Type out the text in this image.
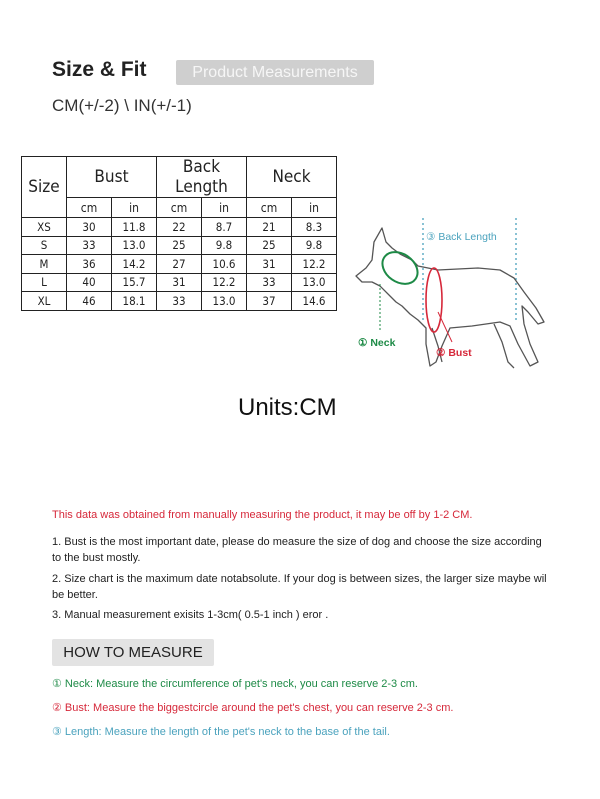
Size & Fit	Product Measurements
CM(+/-2) \ IN(+/-1)
Size	Bust		Back Length		Neck	
	cm	in	cm	in	cm	in
XS	30	11.8	22	8.7	21	8.3
S	33	13.0	25	9.8	25	9.8
M	36	14.2	27	10.6	31	12.2
L	40	15.7	31	12.2	33	13.0
XL	46	18.1	33	13.0	37	14.6
③ Back Length
① Neck
② Bust
Units:CM
This data was obtained from manually measuring the product, it may be off by 1-2 CM.
1. Bust is the most important date, please do measure the size of dog and choose the size according to the bust mostly.
2. Size chart is the maximum date notabsolute. If your dog is between sizes, the larger size maybe wil be better.
3. Manual measurement exisits 1-3cm( 0.5-1 inch ) eror .
HOW TO MEASURE
① Neck: Measure the circumference of pet's neck, you can reserve 2-3 cm.
② Bust: Measure the biggestcircle around the pet's chest, you can reserve 2-3 cm.
③ Length: Measure the length of the pet's neck to the base of the tail.
